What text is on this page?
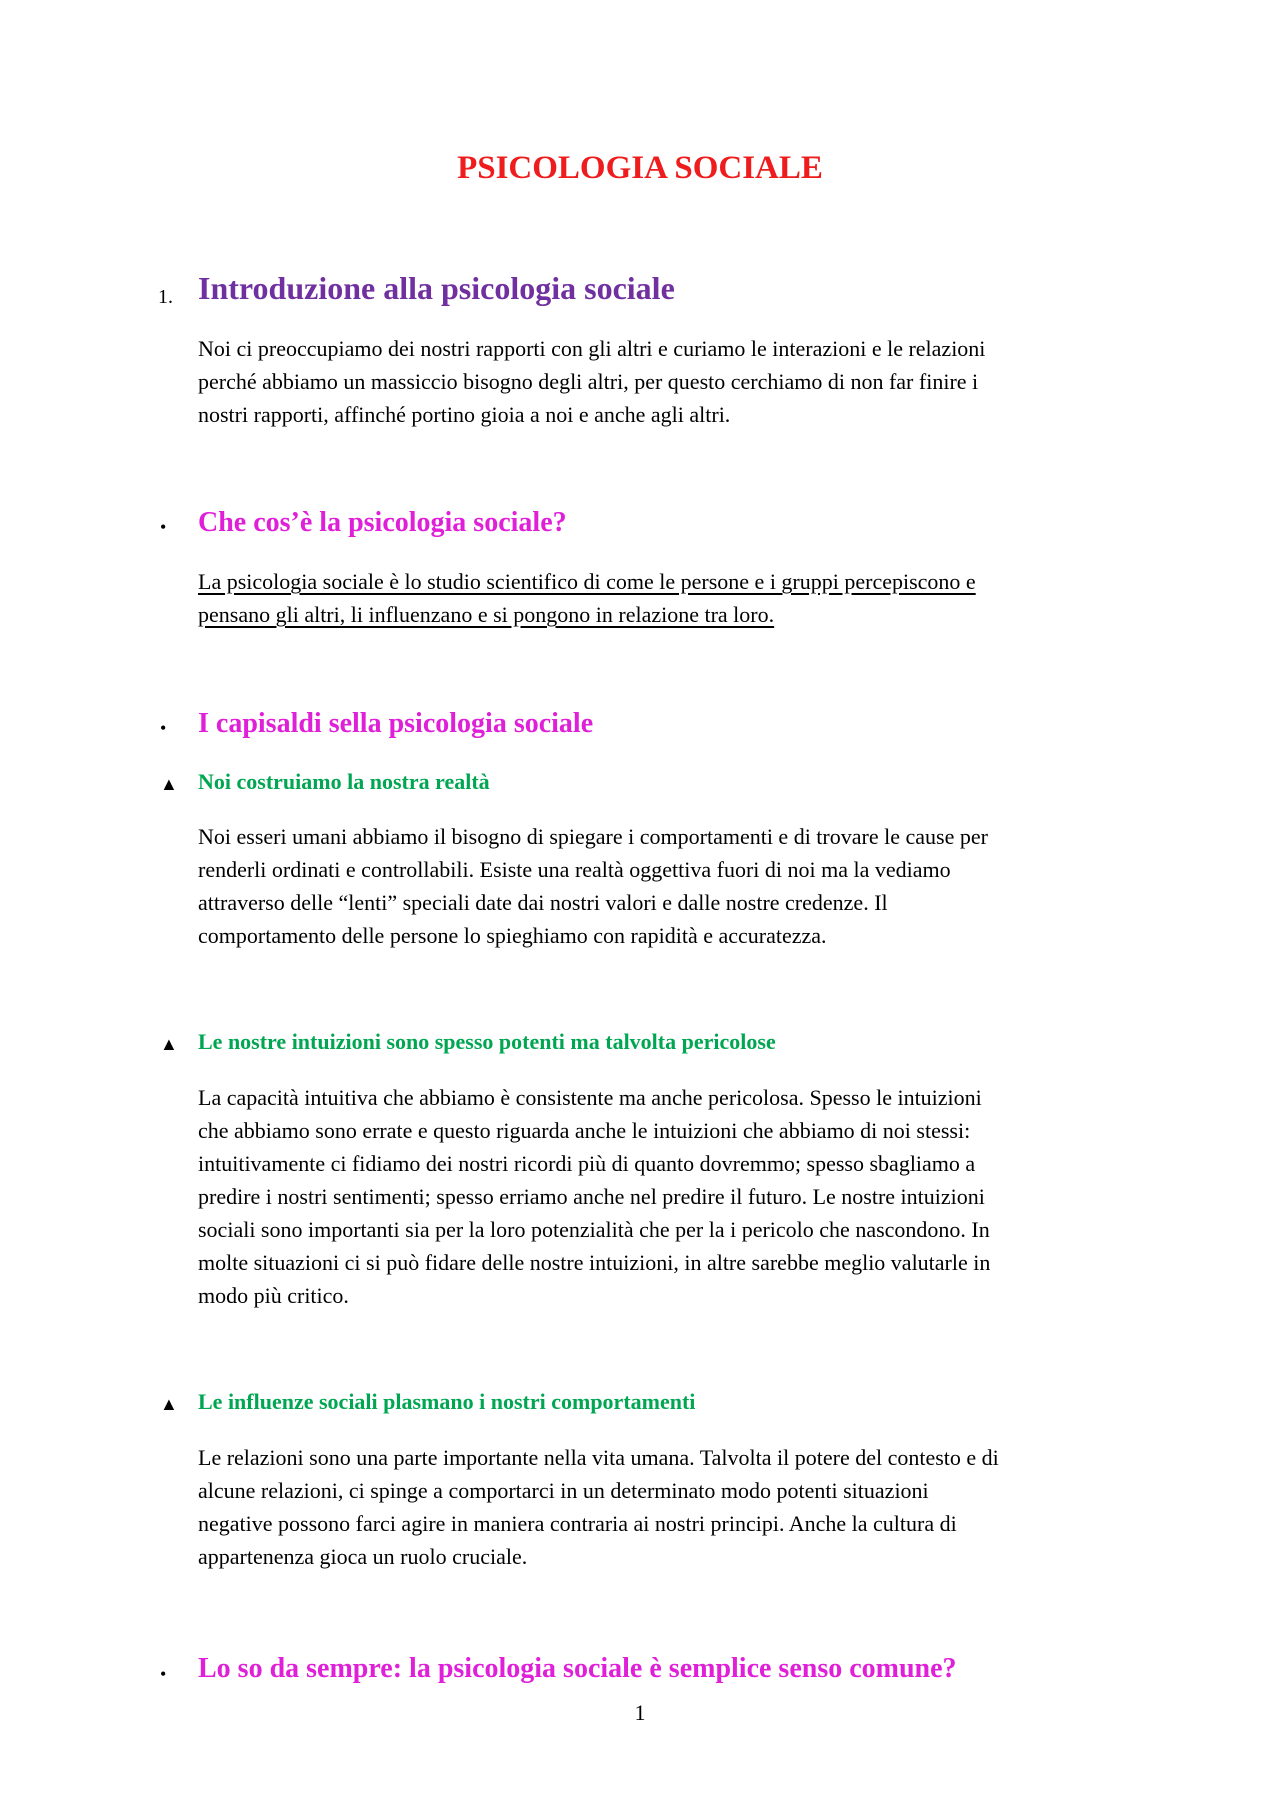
PSICOLOGIA SOCIALE
1. Introduzione alla psicologia sociale

Noi ci preoccupiamo dei nostri rapporti con gli altri e curiamo le interazioni e le relazioni

perché abbiamo un massiccio bisogno degli altri, per questo cerchiamo di non far finire i

nostri rapporti, affinché portino gioia a noi e anche agli altri.

• Che cos’è la psicologia sociale?

La psicologia sociale è lo studio scientifico di come le persone e i gruppi percepiscono e

pensano gli altri, li influenzano e si pongono in relazione tra loro.

• I capisaldi sella psicologia sociale
▲ Noi costruiamo la nostra realtà

Noi esseri umani abbiamo il bisogno di spiegare i comportamenti e di trovare le cause per

renderli ordinati e controllabili. Esiste una realtà oggettiva fuori di noi ma la vediamo

attraverso delle “lenti” speciali date dai nostri valori e dalle nostre credenze. Il

comportamento delle persone lo spieghiamo con rapidità e accuratezza.

▲ Le nostre intuizioni sono spesso potenti ma talvolta pericolose

La capacità intuitiva che abbiamo è consistente ma anche pericolosa. Spesso le intuizioni

che abbiamo sono errate e questo riguarda anche le intuizioni che abbiamo di noi stessi:

intuitivamente ci fidiamo dei nostri ricordi più di quanto dovremmo; spesso sbagliamo a

predire i nostri sentimenti; spesso erriamo anche nel predire il futuro. Le nostre intuizioni

sociali sono importanti sia per la loro potenzialità che per la i pericolo che nascondono. In

molte situazioni ci si può fidare delle nostre intuizioni, in altre sarebbe meglio valutarle in

modo più critico.

▲ Le influenze sociali plasmano i nostri comportamenti

Le relazioni sono una parte importante nella vita umana. Talvolta il potere del contesto e di

alcune relazioni, ci spinge a comportarci in un determinato modo potenti situazioni

negative possono farci agire in maniera contraria ai nostri principi. Anche la cultura di

appartenenza gioca un ruolo cruciale.

• Lo so da sempre: la psicologia sociale è semplice senso comune?
1
